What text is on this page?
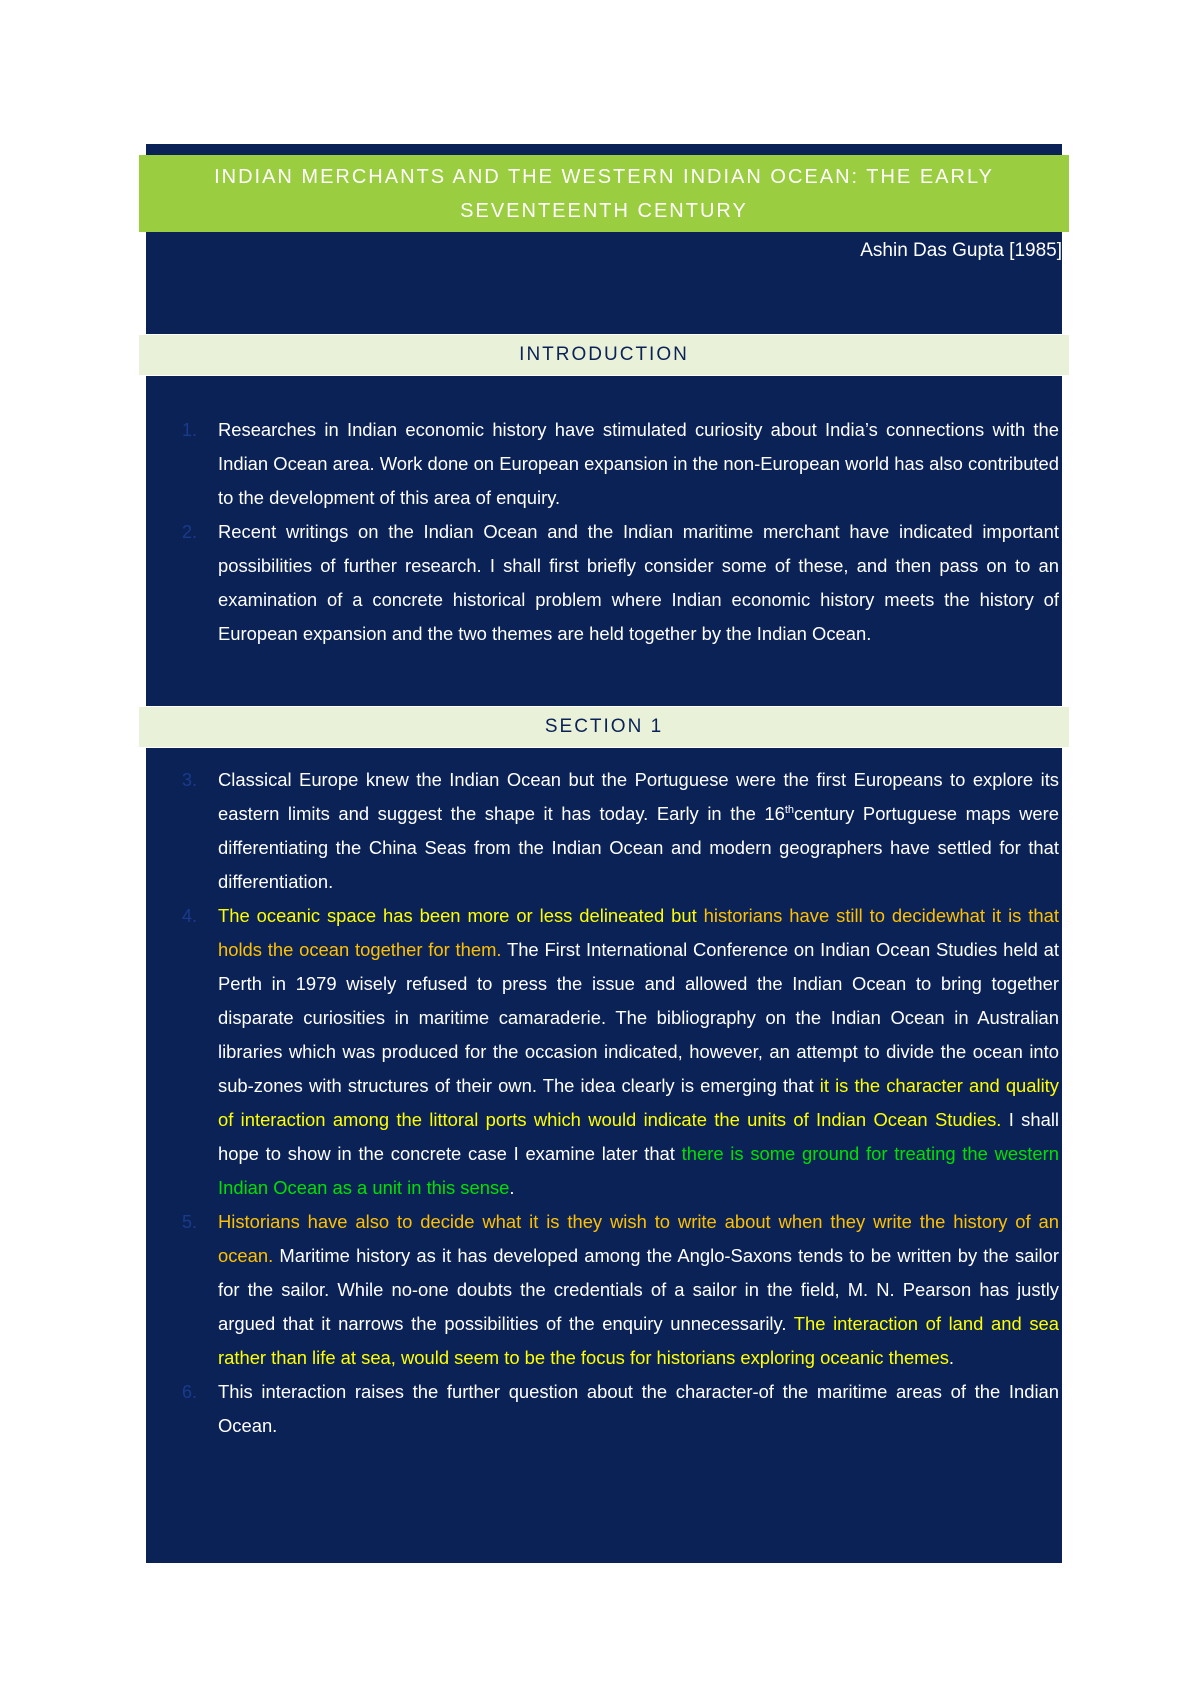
Ashin Das Gupta [1985]
INDIAN MERCHANTS AND THE WESTERN INDIAN OCEAN: THE EARLY SEVENTEENTH CENTURY
INTRODUCTION
1. Researches in Indian economic history have stimulated curiosity about India’s connections with the Indian Ocean area. Work done on European expansion in the non-European world has also contributed to the development of this area of enquiry.
2. Recent writings on the Indian Ocean and the Indian maritime merchant have indicated important possibilities of further research. I shall first briefly consider some of these, and then pass on to an examination of a concrete historical problem where Indian economic history meets the history of European expansion and the two themes are held together by the Indian Ocean.
SECTION 1
3. Classical Europe knew the Indian Ocean but the Portuguese were the first Europeans to explore its eastern limits and suggest the shape it has today. Early in the 16thcentury Portuguese maps were differentiating the China Seas from the Indian Ocean and modern geographers have settled for that differentiation.
4. The oceanic space has been more or less delineated but historians have still to decidewhat it is that holds the ocean together for them. The First International Conference on Indian Ocean Studies held at Perth in 1979 wisely refused to press the issue and allowed the Indian Ocean to bring together disparate curiosities in maritime camaraderie. The bibliography on the Indian Ocean in Australian libraries which was produced for the occasion indicated, however, an attempt to divide the ocean into sub-zones with structures of their own. The idea clearly is emerging that it is the character and quality of interaction among the littoral ports which would indicate the units of Indian Ocean Studies. I shall hope to show in the concrete case I examine later that there is some ground for treating the western Indian Ocean as a unit in this sense.
5. Historians have also to decide what it is they wish to write about when they write the history of an ocean. Maritime history as it has developed among the Anglo-Saxons tends to be written by the sailor for the sailor. While no-one doubts the credentials of a sailor in the field, M. N. Pearson has justly argued that it narrows the possibilities of the enquiry unnecessarily. The interaction of land and sea rather than life at sea, would seem to be the focus for historians exploring oceanic themes.
6. This interaction raises the further question about the character-of the maritime areas of the Indian Ocean.
